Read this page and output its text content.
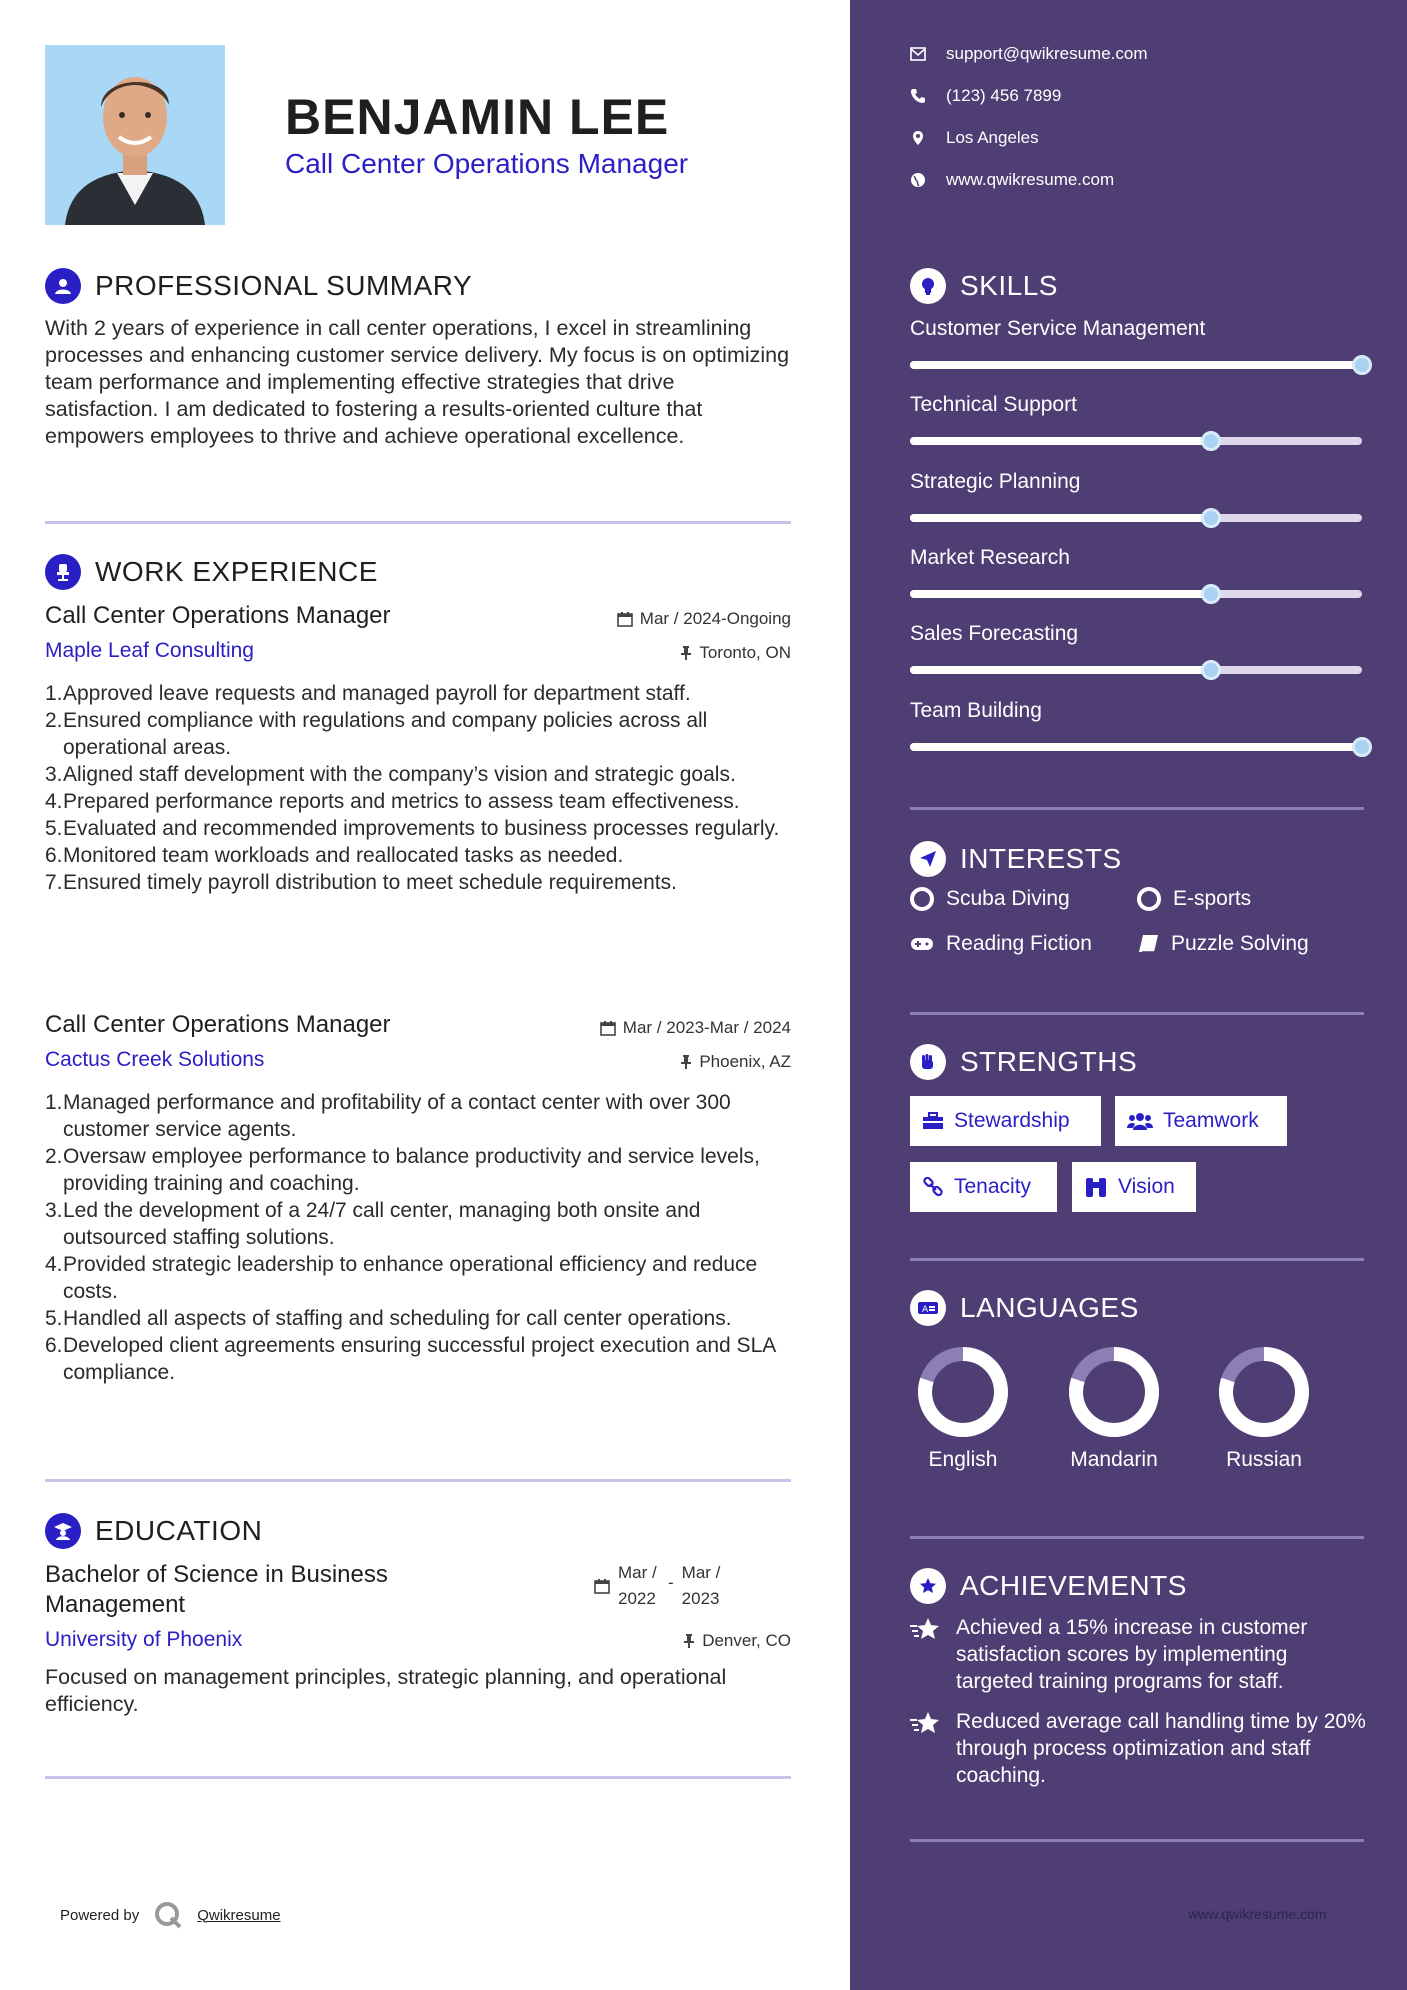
BENJAMIN LEE
Call Center Operations Manager
PROFESSIONAL SUMMARY
With 2 years of experience in call center operations, I excel in streamlining processes and enhancing customer service delivery. My focus is on optimizing team performance and implementing effective strategies that drive satisfaction. I am dedicated to fostering a results-oriented culture that empowers employees to thrive and achieve operational excellence.
WORK EXPERIENCE
Call Center Operations Manager	Mar / 2024-Ongoing
Maple Leaf Consulting	Toronto, ON
1. Approved leave requests and managed payroll for department staff.
2. Ensured compliance with regulations and company policies across all operational areas.
3. Aligned staff development with the company’s vision and strategic goals.
4. Prepared performance reports and metrics to assess team effectiveness.
5. Evaluated and recommended improvements to business processes regularly.
6. Monitored team workloads and reallocated tasks as needed.
7. Ensured timely payroll distribution to meet schedule requirements.
Call Center Operations Manager	Mar / 2023-Mar / 2024
Cactus Creek Solutions	Phoenix, AZ
1. Managed performance and profitability of a contact center with over 300 customer service agents.
2. Oversaw employee performance to balance productivity and service levels, providing training and coaching.
3. Led the development of a 24/7 call center, managing both onsite and outsourced staffing solutions.
4. Provided strategic leadership to enhance operational efficiency and reduce costs.
5. Handled all aspects of staffing and scheduling for call center operations.
6. Developed client agreements ensuring successful project execution and SLA compliance.
EDUCATION
Bachelor of Science in Business Management
Mar / 2022
-
Mar / 2023
University of Phoenix	Denver, CO
Focused on management principles, strategic planning, and operational efficiency.
Powered by	Qwikresume
support@qwikresume.com
(123) 456 7899
Los Angeles
www.qwikresume.com
SKILLS
Customer Service Management
Technical Support
Strategic Planning
Market Research
Sales Forecasting
Team Building
INTERESTS
Scuba Diving	E-sports
Reading Fiction	Puzzle Solving
STRENGTHS
Stewardship	Teamwork
Tenacity	Vision
A LANGUAGES
English	Mandarin	Russian
ACHIEVEMENTS
Achieved a 15% increase in customer satisfaction scores by implementing targeted training programs for staff.
Reduced average call handling time by 20% through process optimization and staff coaching.
www.qwikresume.com
